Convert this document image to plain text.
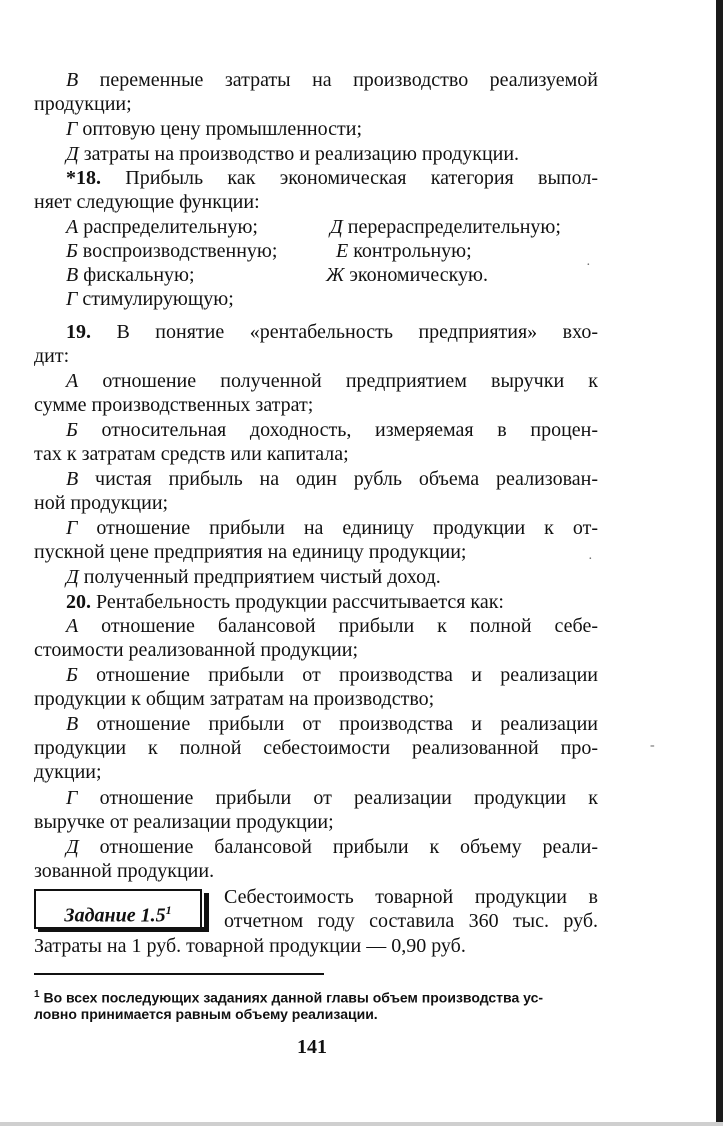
В переменные затраты на производство реализуемой
продукции;
Г оптовую цену промышленности;
Д затраты на производство и реализацию продукции.
*18. Прибыль как экономическая категория выпол-
няет следующие функции:
А распределительную;
Б воспроизводственную;
В фискальную;
Г стимулирующую;
Д перераспределительную;
Е контрольную;
Ж экономическую.
19. В понятие «рентабельность предприятия» вхо-
дит:
А отношение полученной предприятием выручки к
сумме производственных затрат;
Б относительная доходность, измеряемая в процен-
тах к затратам средств или капитала;
В чистая прибыль на один рубль объема реализован-
ной продукции;
Г отношение прибыли на единицу продукции к от-
пускной цене предприятия на единицу продукции;
Д полученный предприятием чистый доход.
20. Рентабельность продукции рассчитывается как:
А отношение балансовой прибыли к полной себе-
стоимости реализованной продукции;
Б отношение прибыли от производства и реализации
продукции к общим затратам на производство;
В отношение прибыли от производства и реализации
продукции к полной себестоимости реализованной про-
дукции;
Г отношение прибыли от реализации продукции к
выручке от реализации продукции;
Д отношение балансовой прибыли к объему реали-
зованной продукции.
Задание $1.5^1$
Себестоимость товарной продукции в
отчетном году составила 360 тыс. руб.
Затраты на 1 руб. товарной продукции — 0,90 руб.
$^1$ Во всех последующих заданиях данной главы объем производства ус-
ловно принимается равным объему реализации.
141
·
·
‐
